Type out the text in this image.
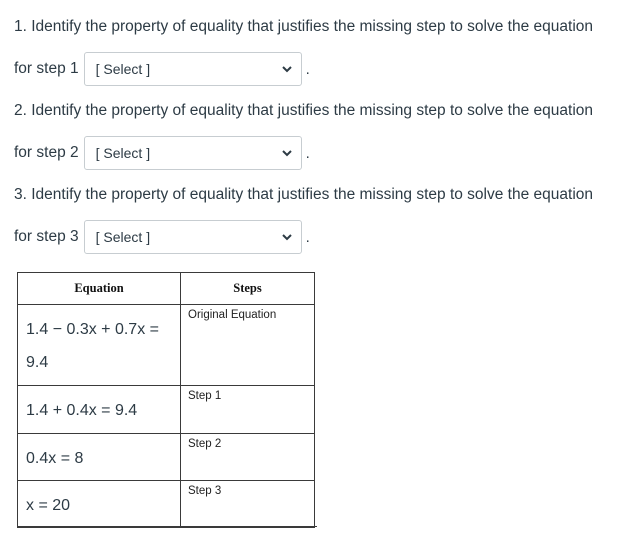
1. Identify the property of equality that justifies the missing step to solve the equation
for step 1 [ Select ]	.
2. Identify the property of equality that justifies the missing step to solve the equation
for step 2 [ Select ]	.
3. Identify the property of equality that justifies the missing step to solve the equation
for step 3 [ Select ]	.
Equation	Steps

1.4 − 0.3x + 0.7x = 9.4	Original Equation

1.4 + 0.4x = 9.4	Step 1

0.4x = 8	Step 2

x = 20	Step 3
